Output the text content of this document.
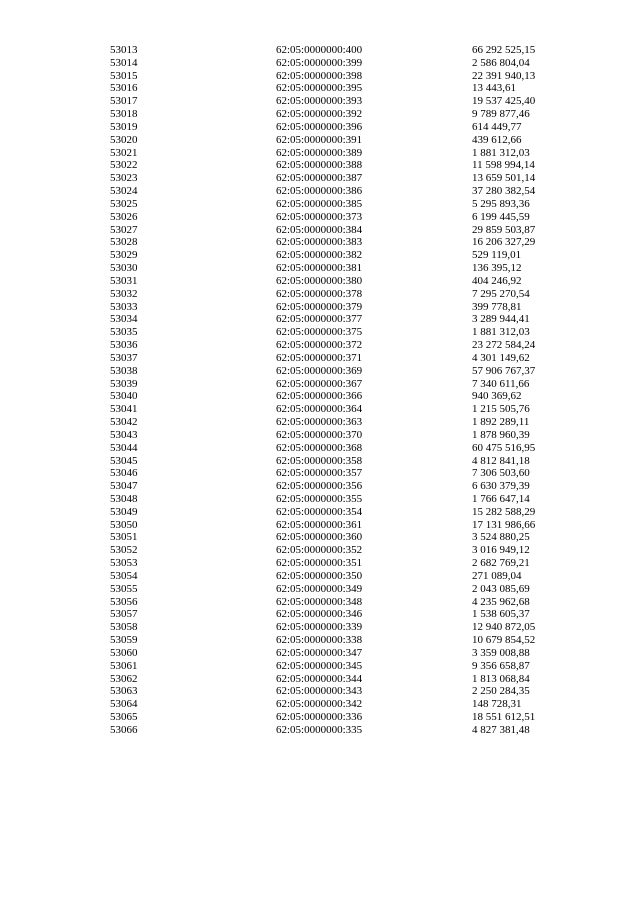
53013	62:05:0000000:400	66 292 525,15
53014	62:05:0000000:399	2 586 804,04
53015	62:05:0000000:398	22 391 940,13
53016	62:05:0000000:395	13 443,61
53017	62:05:0000000:393	19 537 425,40
53018	62:05:0000000:392	9 789 877,46
53019	62:05:0000000:396	614 449,77
53020	62:05:0000000:391	439 612,66
53021	62:05:0000000:389	1 881 312,03
53022	62:05:0000000:388	11 598 994,14
53023	62:05:0000000:387	13 659 501,14
53024	62:05:0000000:386	37 280 382,54
53025	62:05:0000000:385	5 295 893,36
53026	62:05:0000000:373	6 199 445,59
53027	62:05:0000000:384	29 859 503,87
53028	62:05:0000000:383	16 206 327,29
53029	62:05:0000000:382	529 119,01
53030	62:05:0000000:381	136 395,12
53031	62:05:0000000:380	404 246,92
53032	62:05:0000000:378	7 295 270,54
53033	62:05:0000000:379	399 778,81
53034	62:05:0000000:377	3 289 944,41
53035	62:05:0000000:375	1 881 312,03
53036	62:05:0000000:372	23 272 584,24
53037	62:05:0000000:371	4 301 149,62
53038	62:05:0000000:369	57 906 767,37
53039	62:05:0000000:367	7 340 611,66
53040	62:05:0000000:366	940 369,62
53041	62:05:0000000:364	1 215 505,76
53042	62:05:0000000:363	1 892 289,11
53043	62:05:0000000:370	1 878 960,39
53044	62:05:0000000:368	60 475 516,95
53045	62:05:0000000:358	4 812 841,18
53046	62:05:0000000:357	7 306 503,60
53047	62:05:0000000:356	6 630 379,39
53048	62:05:0000000:355	1 766 647,14
53049	62:05:0000000:354	15 282 588,29
53050	62:05:0000000:361	17 131 986,66
53051	62:05:0000000:360	3 524 880,25
53052	62:05:0000000:352	3 016 949,12
53053	62:05:0000000:351	2 682 769,21
53054	62:05:0000000:350	271 089,04
53055	62:05:0000000:349	2 043 085,69
53056	62:05:0000000:348	4 235 962,68
53057	62:05:0000000:346	1 538 605,37
53058	62:05:0000000:339	12 940 872,05
53059	62:05:0000000:338	10 679 854,52
53060	62:05:0000000:347	3 359 008,88
53061	62:05:0000000:345	9 356 658,87
53062	62:05:0000000:344	1 813 068,84
53063	62:05:0000000:343	2 250 284,35
53064	62:05:0000000:342	148 728,31
53065	62:05:0000000:336	18 551 612,51
53066	62:05:0000000:335	4 827 381,48
